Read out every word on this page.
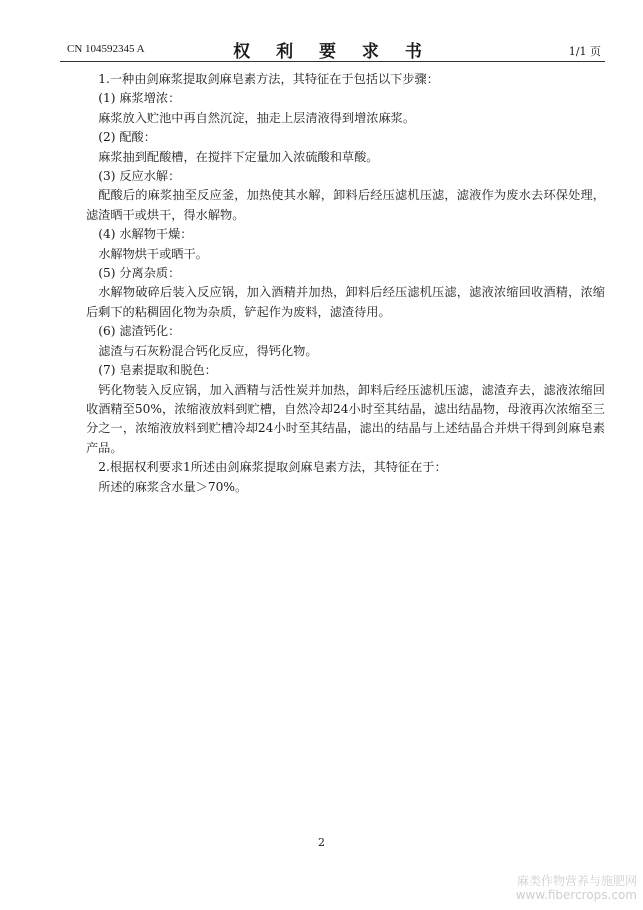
CN 104592345 A	权 利 要 求 书	1/1 页

1.一种由剑麻浆提取剑麻皂素方法，其特征在于包括以下步骤：

(1) 麻浆增浓：

麻浆放入贮池中再自然沉淀，抽走上层清液得到增浓麻浆。

(2) 配酸：

麻浆抽到配酸槽，在搅拌下定量加入浓硫酸和草酸。

(3) 反应水解：

配酸后的麻浆抽至反应釜，加热使其水解，卸料后经压滤机压滤，滤液作为废水去环保处理，滤渣晒干或烘干，得水解物。

(4) 水解物干燥：

水解物烘干或晒干。

(5) 分离杂质：

水解物破碎后装入反应锅，加入酒精并加热，卸料后经压滤机压滤，滤液浓缩回收酒精，浓缩后剩下的粘稠固化物为杂质，铲起作为废料，滤渣待用。

(6) 滤渣钙化：

滤渣与石灰粉混合钙化反应，得钙化物。

(7) 皂素提取和脱色：

钙化物装入反应锅，加入酒精与活性炭并加热，卸料后经压滤机压滤，滤渣弃去，滤液浓缩回收酒精至50%，浓缩液放料到贮槽，自然冷却24小时至其结晶，滤出结晶物，母液再次浓缩至三分之一，浓缩液放料到贮槽冷却24小时至其结晶，滤出的结晶与上述结晶合并烘干得到剑麻皂素产品。

2.根据权利要求1所述由剑麻浆提取剑麻皂素方法，其特征在于：

所述的麻浆含水量＞70%。

2
麻类作物营养与施肥网
www.fibercrops.com
